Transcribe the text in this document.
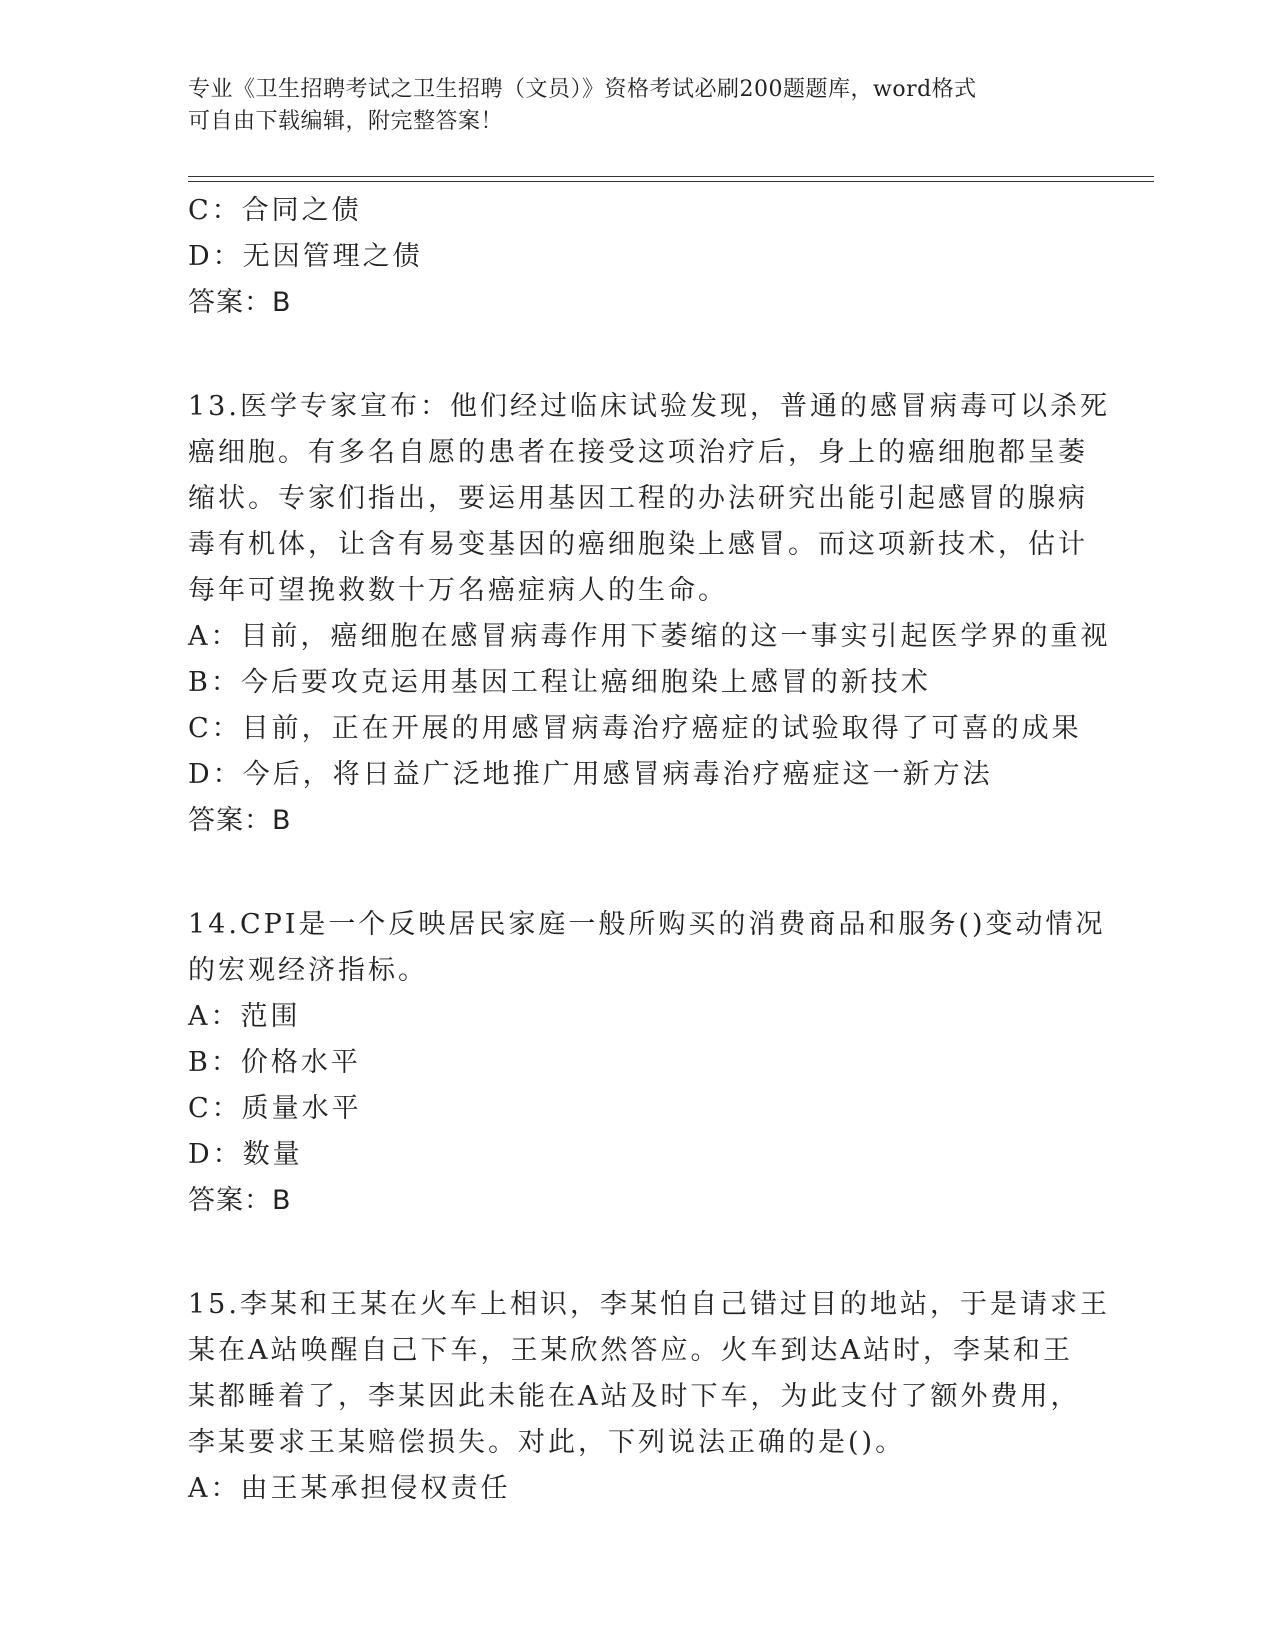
专业《卫生招聘考试之卫生招聘（文员）》资格考试必刷200题题库，word格式
可自由下载编辑，附完整答案！
C：合同之债
D：无因管理之债
答案：B
13.医学专家宣布：他们经过临床试验发现，普通的感冒病毒可以杀死
癌细胞。有多名自愿的患者在接受这项治疗后，身上的癌细胞都呈萎
缩状。专家们指出，要运用基因工程的办法研究出能引起感冒的腺病
毒有机体，让含有易变基因的癌细胞染上感冒。而这项新技术，估计
每年可望挽救数十万名癌症病人的生命。
A：目前，癌细胞在感冒病毒作用下萎缩的这一事实引起医学界的重视
B：今后要攻克运用基因工程让癌细胞染上感冒的新技术
C：目前，正在开展的用感冒病毒治疗癌症的试验取得了可喜的成果
D：今后，将日益广泛地推广用感冒病毒治疗癌症这一新方法
答案：B
14.CPI是一个反映居民家庭一般所购买的消费商品和服务()变动情况
的宏观经济指标。
A：范围
B：价格水平
C：质量水平
D：数量
答案：B
15.李某和王某在火车上相识，李某怕自己错过目的地站，于是请求王
某在A站唤醒自己下车，王某欣然答应。火车到达A站时，李某和王
某都睡着了，李某因此未能在A站及时下车，为此支付了额外费用，
李某要求王某赔偿损失。对此，下列说法正确的是()。
A：由王某承担侵权责任
